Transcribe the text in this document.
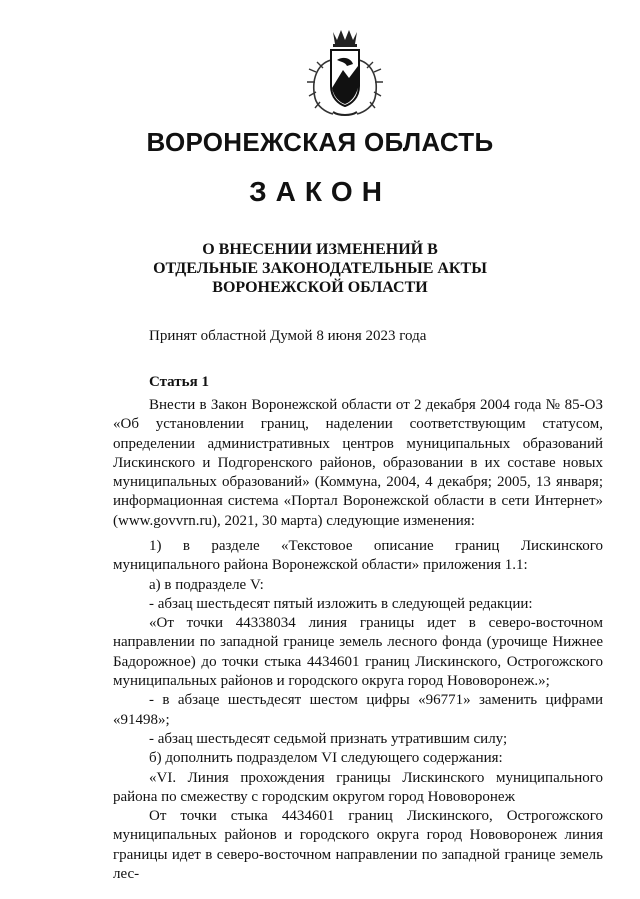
ВОРОНЕЖСКАЯ ОБЛАСТЬ
ЗАКОН
О ВНЕСЕНИИ ИЗМЕНЕНИЙ В ОТДЕЛЬНЫЕ ЗАКОНОДАТЕЛЬНЫЕ АКТЫ ВОРОНЕЖСКОЙ ОБЛАСТИ
Принят областной Думой 8 июня 2023 года
Статья 1

Внести в Закон Воронежской области от 2 декабря 2004 года № 85-ОЗ «Об установлении границ, наделении соответствующим статусом, определении административных центров муниципальных образований Лискинского и Подгоренского районов, образовании в их составе новых муниципальных образований» (Коммуна, 2004, 4 декабря; 2005, 13 января; информационная система «Портал Воронежской области в сети Интернет» (www.govvrn.ru), 2021, 30 марта) следующие изменения:

1) в разделе «Текстовое описание границ Лискинского муниципального района Воронежской области» приложения 1.1:

а) в подразделе V:

- абзац шестьдесят пятый изложить в следующей редакции:

«От точки 44338034 линия границы идет в северо-восточном направлении по западной границе земель лесного фонда (урочище Нижнее Бадорожное) до точки стыка 4434601 границ Лискинского, Острогожского муниципальных районов и городского округа город Нововоронеж.»;

- в абзаце шестьдесят шестом цифры «96771» заменить цифрами «91498»;

- абзац шестьдесят седьмой признать утратившим силу;

б) дополнить подразделом VI следующего содержания:

«VI. Линия прохождения границы Лискинского муниципального района по смежеству с городским округом город Нововоронеж

От точки стыка 4434601 границ Лискинского, Острогожского муниципальных районов и городского округа город Нововоронеж линия границы идет в северо-восточном направлении по западной границе земель лес-
